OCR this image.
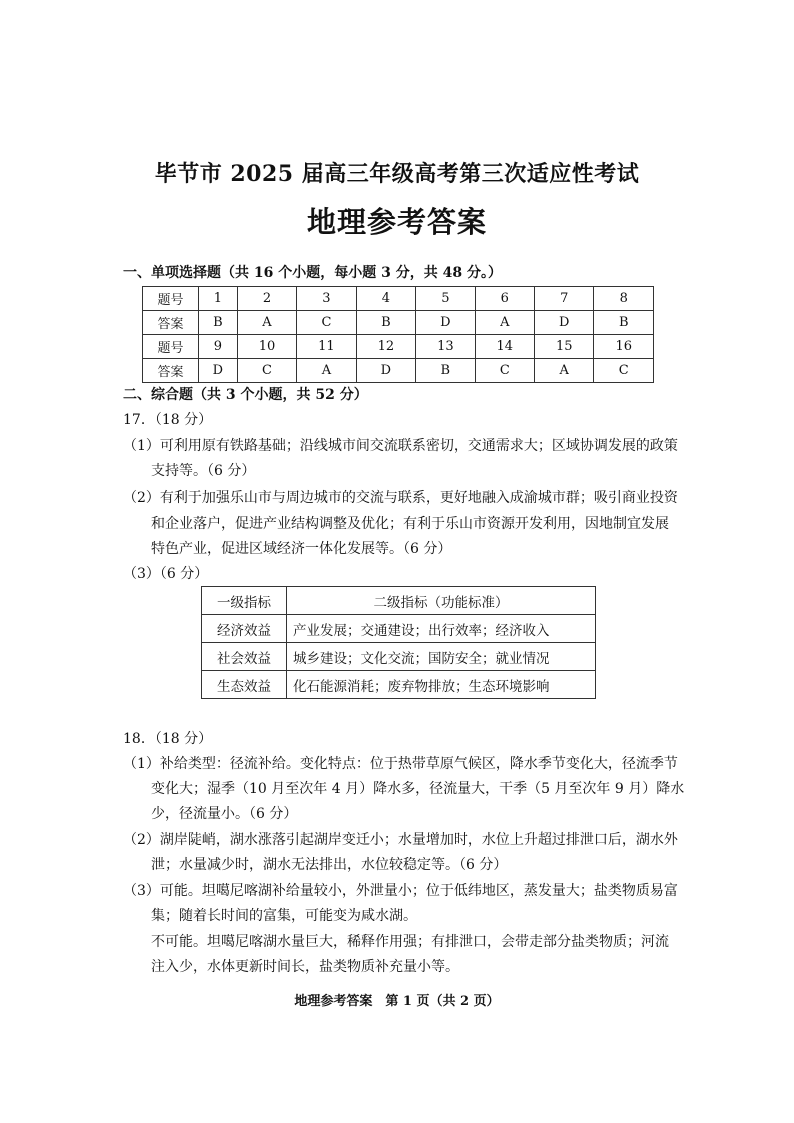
毕节市 2025 届高三年级高考第三次适应性考试
地理参考答案
一、单项选择题（共 16 个小题，每小题 3 分，共 48 分。）
题号	1	2	3	4	5	6	7	8
答案	B	A	C	B	D	A	D	B
题号	9	10	11	12	13	14	15	16
答案	D	C	A	D	B	C	A	C
二、综合题（共 3 个小题，共 52 分）
17．（18 分）
（1）可利用原有铁路基础；沿线城市间交流联系密切，交通需求大；区域协调发展的政策
支持等。（6 分）
（2）有利于加强乐山市与周边城市的交流与联系，更好地融入成渝城市群；吸引商业投资
和企业落户，促进产业结构调整及优化；有利于乐山市资源开发利用，因地制宜发展
特色产业，促进区域经济一体化发展等。（6 分）
（3）（6 分）
一级指标	二级指标（功能标准）
经济效益	产业发展；交通建设；出行效率；经济收入
社会效益	城乡建设；文化交流；国防安全；就业情况
生态效益	化石能源消耗；废弃物排放；生态环境影响
18．（18 分）
（1）补给类型：径流补给。变化特点：位于热带草原气候区，降水季节变化大，径流季节
变化大；湿季（10 月至次年 4 月）降水多，径流量大，干季（5 月至次年 9 月）降水
少，径流量小。（6 分）
（2）湖岸陡峭，湖水涨落引起湖岸变迁小；水量增加时，水位上升超过排泄口后，湖水外
泄；水量减少时，湖水无法排出，水位较稳定等。（6 分）
（3）可能。坦噶尼喀湖补给量较小，外泄量小；位于低纬地区，蒸发量大；盐类物质易富
集；随着长时间的富集，可能变为咸水湖。
不可能。坦噶尼喀湖水量巨大，稀释作用强；有排泄口，会带走部分盐类物质；河流
注入少，水体更新时间长，盐类物质补充量小等。
地理参考答案　第 1 页（共 2 页）
